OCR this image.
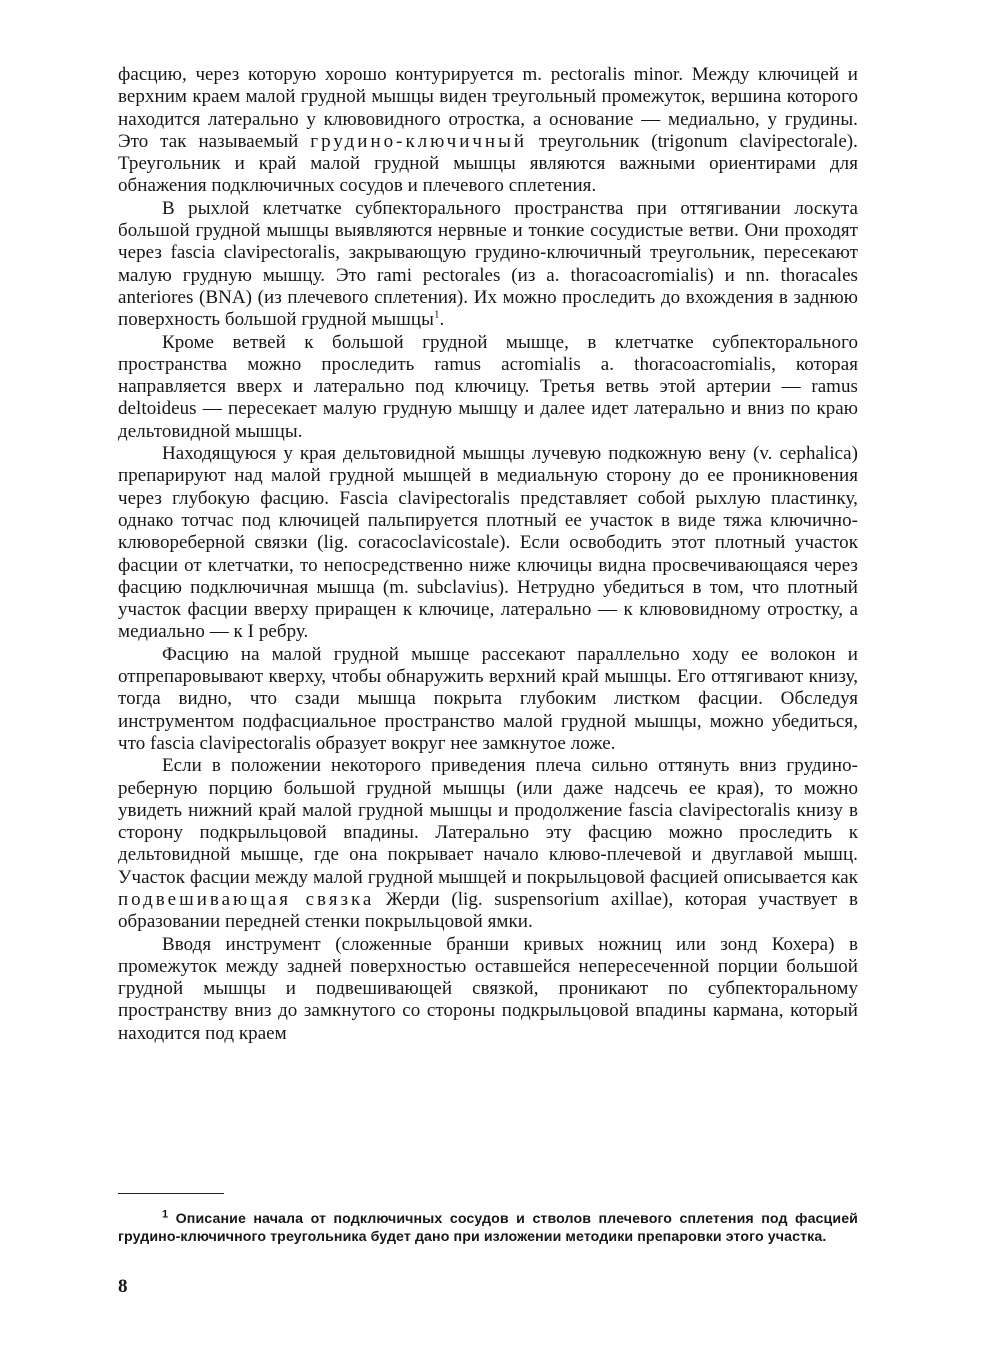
фасцию, через которую хорошо контурируется m. pectoralis minor. Между ключицей и верхним краем малой грудной мышцы виден треугольный промежуток, вершина которого находится латерально у клювовидного отростка, а основание — медиально, у грудины. Это так называемый грудино-ключичный треугольник (trigonum clavipectorale). Треугольник и край малой грудной мышцы являются важными ориентирами для обнажения подключичных сосудов и плечевого сплетения.

В рыхлой клетчатке субпекторального пространства при оттягивании лоскута большой грудной мышцы выявляются нервные и тонкие сосудистые ветви. Они проходят через fascia clavipectoralis, закрывающую грудино-ключичный треугольник, пересекают малую грудную мышцу. Это rami pectorales (из a. thoracoacromialis) и nn. thoracales anteriores (BNA) (из плечевого сплетения). Их можно проследить до вхождения в заднюю поверхность большой грудной мышцы$^1$.

Кроме ветвей к большой грудной мышце, в клетчатке субпекторального пространства можно проследить ramus acromialis a. thoracoacromialis, которая направляется вверх и латерально под ключицу. Третья ветвь этой артерии — ramus deltoideus — пересекает малую грудную мышцу и далее идет латерально и вниз по краю дельтовидной мышцы.

Находящуюся у края дельтовидной мышцы лучевую подкожную вену (v. cephalica) препарируют над малой грудной мышцей в медиальную сторону до ее проникновения через глубокую фасцию. Fascia clavipectoralis представляет собой рыхлую пластинку, однако тотчас под ключицей пальпируется плотный ее участок в виде тяжа ключично-клюворeберной связки (lig. coracoclavicostale). Если освободить этот плотный участок фасции от клетчатки, то непосредственно ниже ключицы видна просвечивающаяся через фасцию подключичная мышца (m. subclavius). Нетрудно убедиться в том, что плотный участок фасции вверху приращен к ключице, латерально — к клювовидному отростку, а медиально — к I ребру.

Фасцию на малой грудной мышце рассекают параллельно ходу ее волокон и отпрепаровывают кверху, чтобы обнаружить верхний край мышцы. Его оттягивают книзу, тогда видно, что сзади мышца покрыта глубоким листком фасции. Обследуя инструментом подфасциальное пространство малой грудной мышцы, можно убедиться, что fascia clavipectoralis образует вокруг нее замкнутое ложе.

Если в положении некоторого приведения плеча сильно оттянуть вниз грудино-реберную порцию большой грудной мышцы (или даже надсечь ее края), то можно увидеть нижний край малой грудной мышцы и продолжение fascia clavipectoralis книзу в сторону подкрыльцовой впадины. Латерально эту фасцию можно проследить к дельтовидной мышце, где она покрывает начало клюво-плечевой и двуглавой мышц. Участок фасции между малой грудной мышцей и покрыльцовой фасцией описывается как подвешивающая связка Жерди (lig. suspensorium axillae), которая участвует в образовании передней стенки покрыльцовой ямки.

Вводя инструмент (сложенные бранши кривых ножниц или зонд Кохера) в промежуток между задней поверхностью оставшейся непересеченной порции большой грудной мышцы и подвешивающей связкой, проникают по субпекторальному пространству вниз до замкнутого со стороны подкрыльцовой впадины кармана, который находится под краем

$^1$ Описание начала от подключичных сосудов и стволов плечевого сплетения под фасцией грудино-ключичного треугольника будет дано при изложении методики препаровки этого участка.

8
